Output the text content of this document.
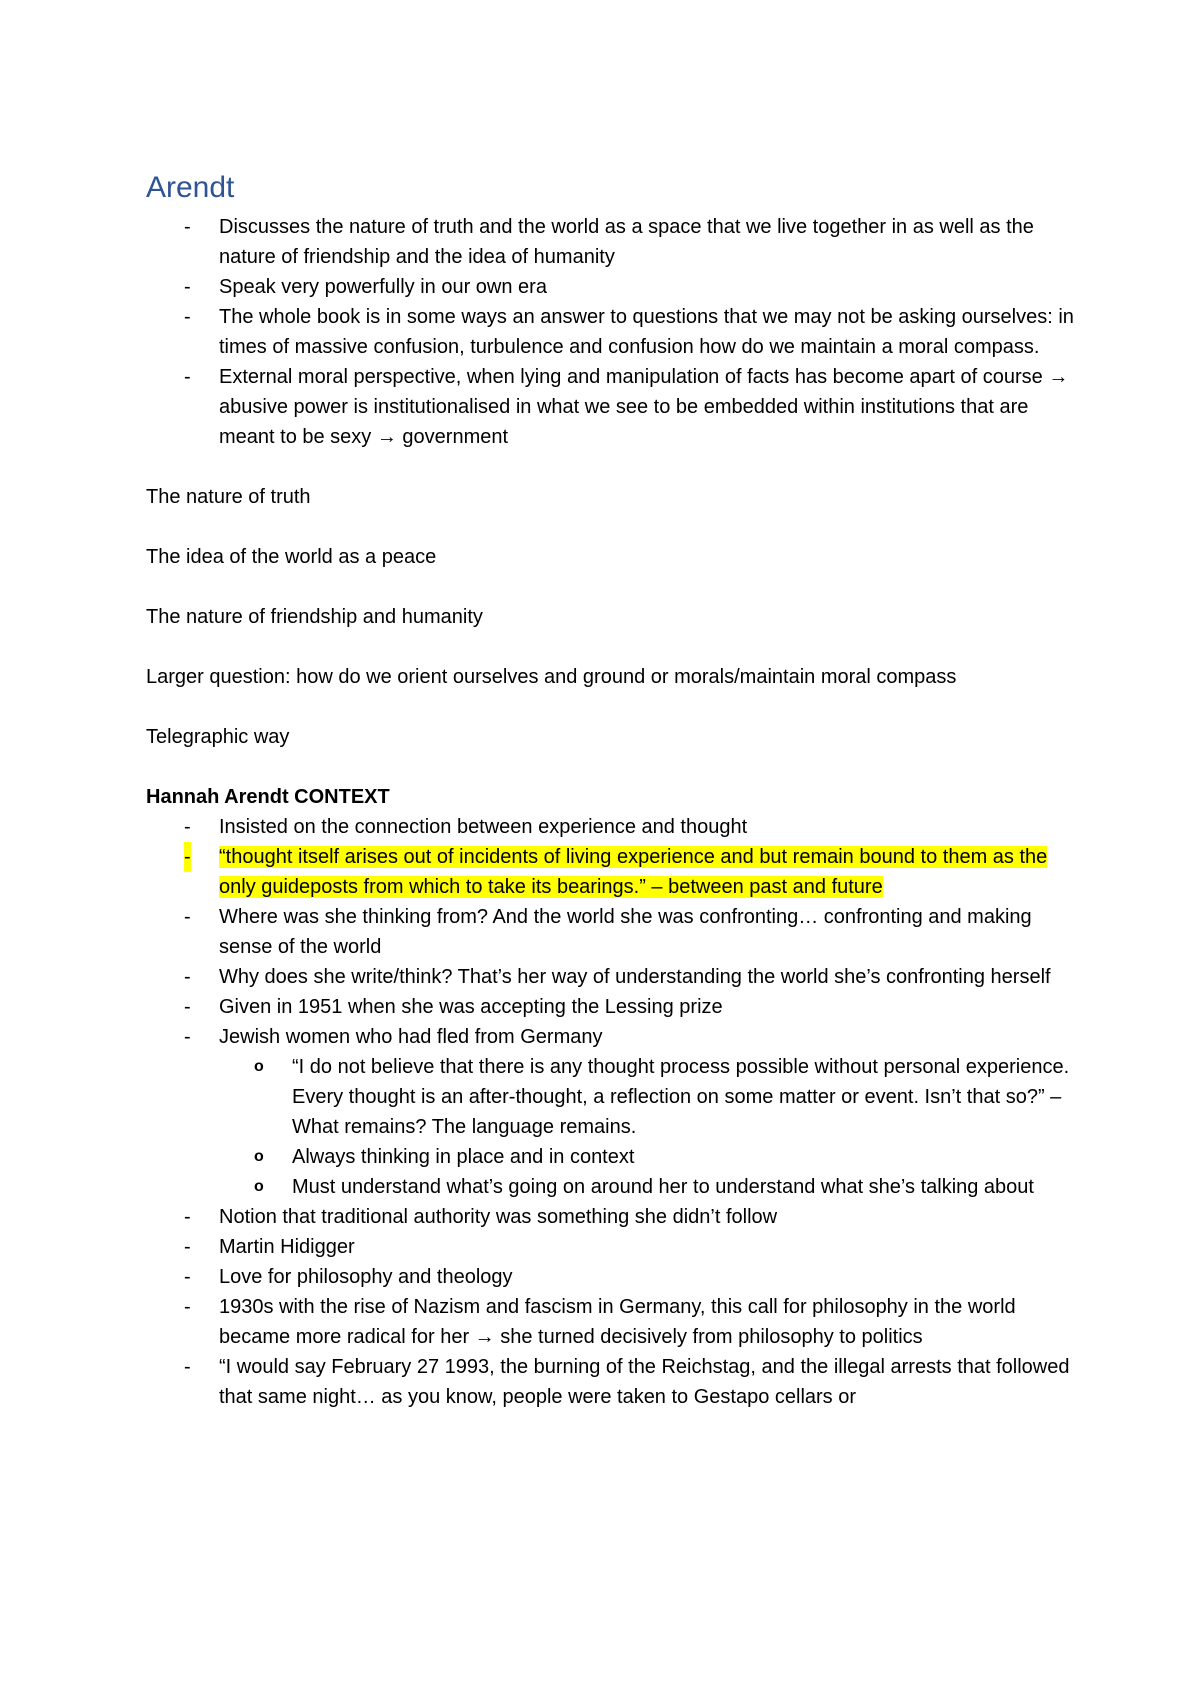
Arendt
- Discusses the nature of truth and the world as a space that we live together in as well as the nature of friendship and the idea of humanity
- Speak very powerfully in our own era
- The whole book is in some ways an answer to questions that we may not be asking ourselves: in times of massive confusion, turbulence and confusion how do we maintain a moral compass.
- External moral perspective, when lying and manipulation of facts has become apart of course → abusive power is institutionalised in what we see to be embedded within institutions that are meant to be sexy → government

The nature of truth

The idea of the world as a peace

The nature of friendship and humanity

Larger question: how do we orient ourselves and ground or morals/maintain moral compass

Telegraphic way

Hannah Arendt CONTEXT
- Insisted on the connection between experience and thought
- “thought itself arises out of incidents of living experience and but remain bound to them as the only guideposts from which to take its bearings.” – between past and future
- Where was she thinking from? And the world she was confronting… confronting and making sense of the world
- Why does she write/think? That’s her way of understanding the world she’s confronting herself
- Given in 1951 when she was accepting the Lessing prize
- Jewish women who had fled from Germany
o “I do not believe that there is any thought process possible without personal experience. Every thought is an after-thought, a reflection on some matter or event. Isn’t that so?” – What remains? The language remains.
o Always thinking in place and in context
o Must understand what’s going on around her to understand what she’s talking about
- Notion that traditional authority was something she didn’t follow
- Martin Hidigger
- Love for philosophy and theology
- 1930s with the rise of Nazism and fascism in Germany, this call for philosophy in the world became more radical for her → she turned decisively from philosophy to politics
- “I would say February 27 1993, the burning of the Reichstag, and the illegal arrests that followed that same night… as you know, people were taken to Gestapo cellars or
